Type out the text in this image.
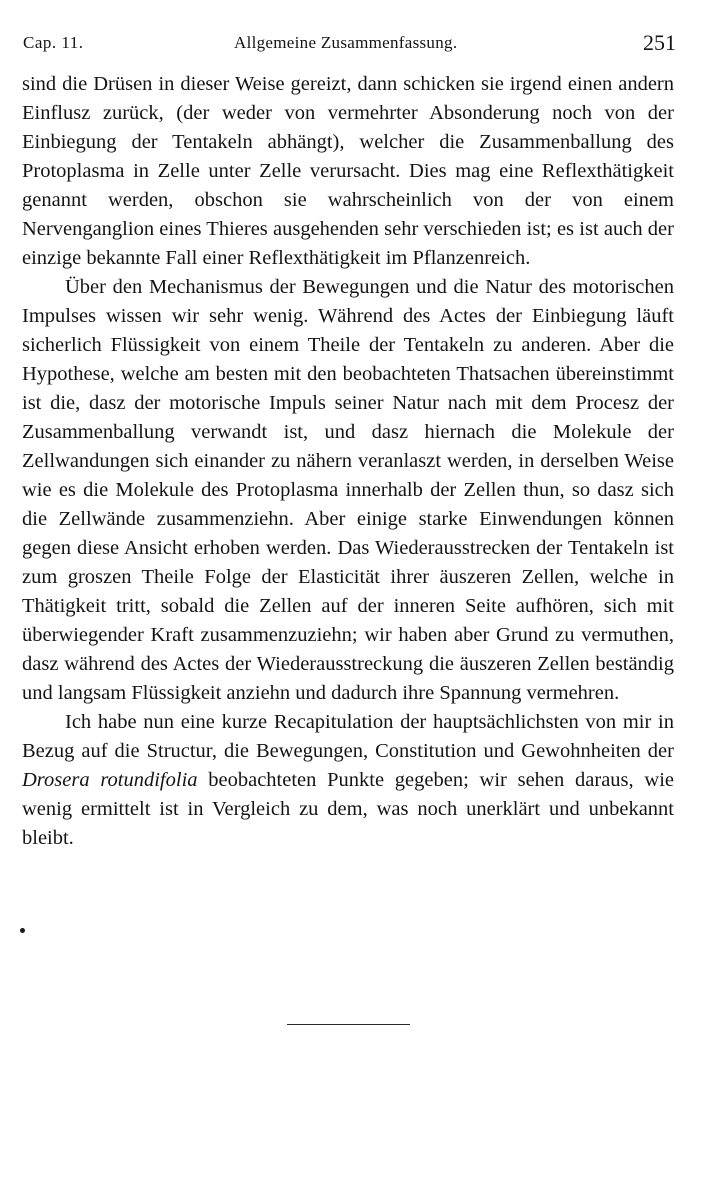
Cap. 11.	Allgemeine Zusammenfassung.	251

sind die Drüsen in dieser Weise gereizt, dann schicken sie irgend einen andern Einflusz zurück, (der weder von vermehrter Absonderung noch von der Einbiegung der Tentakeln abhängt), welcher die Zusammenballung des Protoplasma in Zelle unter Zelle verursacht. Dies mag eine Reflexthätigkeit genannt werden, obschon sie wahrscheinlich von der von einem Nervenganglion eines Thieres ausgehenden sehr verschieden ist; es ist auch der einzige bekannte Fall einer Reflexthätigkeit im Pflanzenreich.

Über den Mechanismus der Bewegungen und die Natur des motorischen Impulses wissen wir sehr wenig. Während des Actes der Einbiegung läuft sicherlich Flüssigkeit von einem Theile der Tentakeln zu anderen. Aber die Hypothese, welche am besten mit den beobachteten Thatsachen übereinstimmt ist die, dasz der motorische Impuls seiner Natur nach mit dem Procesz der Zusammenballung verwandt ist, und dasz hiernach die Molekule der Zellwandungen sich einander zu nähern veranlaszt werden, in derselben Weise wie es die Molekule des Protoplasma innerhalb der Zellen thun, so dasz sich die Zellwände zusammenziehn. Aber einige starke Einwendungen können gegen diese Ansicht erhoben werden. Das Wiederausstrecken der Tentakeln ist zum groszen Theile Folge der Elasticität ihrer äuszeren Zellen, welche in Thätigkeit tritt, sobald die Zellen auf der inneren Seite aufhören, sich mit überwiegender Kraft zusammenzuziehn; wir haben aber Grund zu vermuthen, dasz während des Actes der Wiederausstreckung die äuszeren Zellen beständig und langsam Flüssigkeit anziehn und dadurch ihre Spannung vermehren.

Ich habe nun eine kurze Recapitulation der hauptsächlichsten von mir in Bezug auf die Structur, die Bewegungen, Constitution und Gewohnheiten der Drosera rotundifolia beobachteten Punkte gegeben; wir sehen daraus, wie wenig ermittelt ist in Vergleich zu dem, was noch unerklärt und unbekannt bleibt.
